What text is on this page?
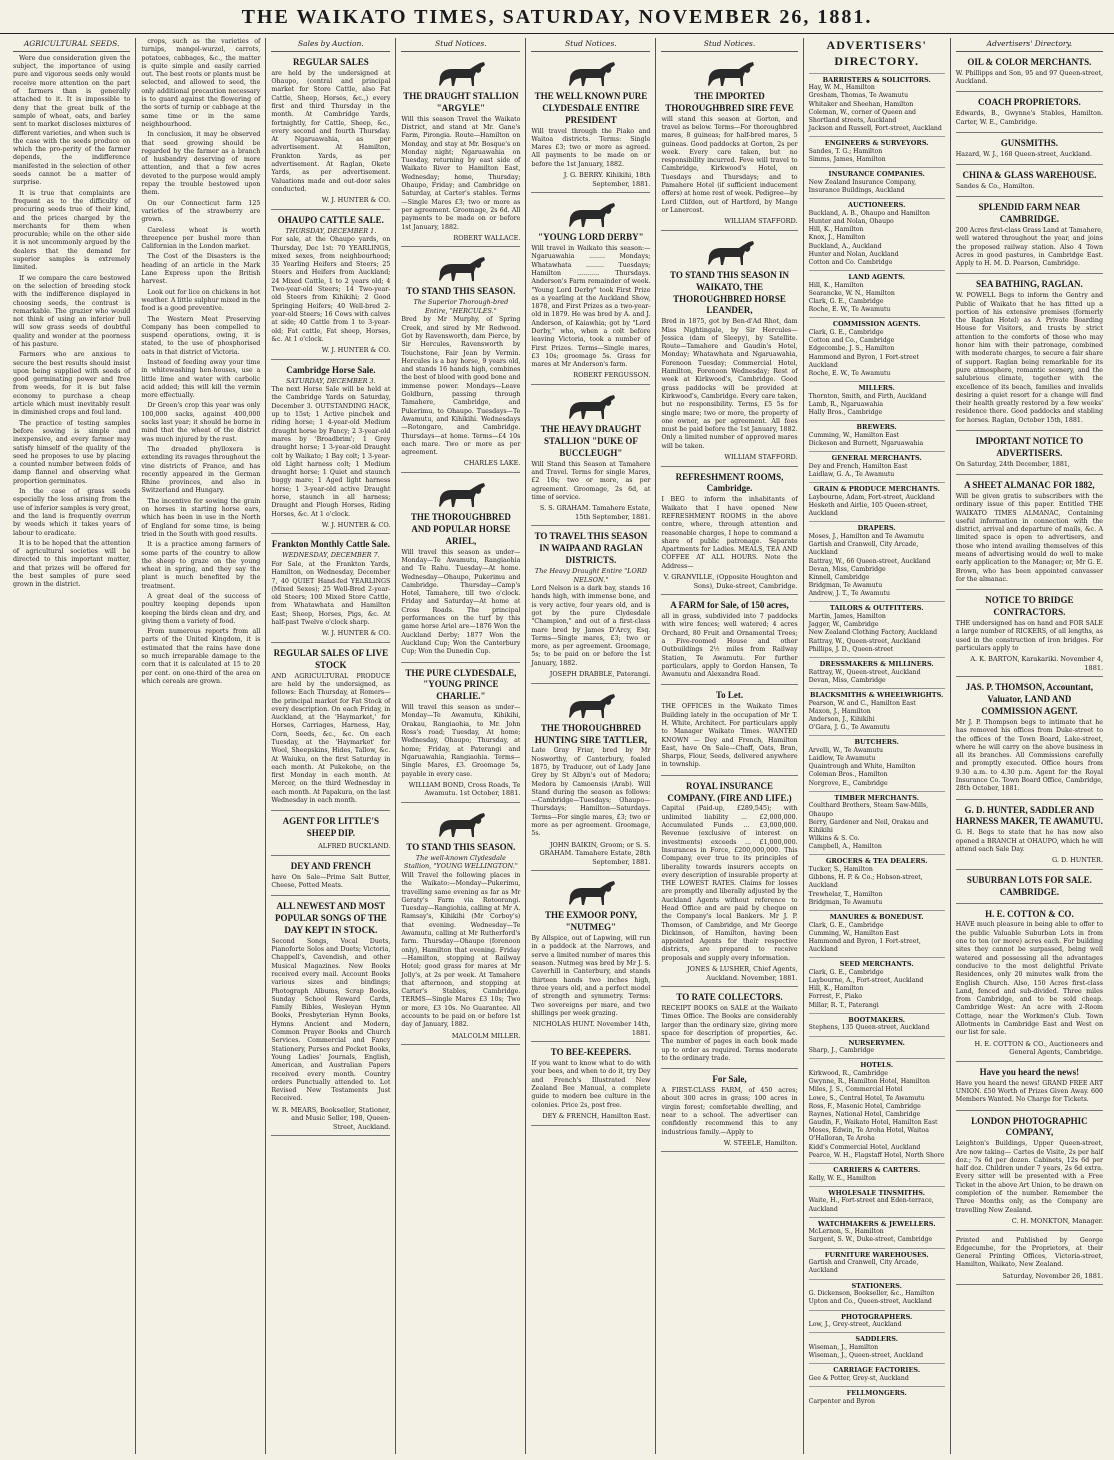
THE WAIKATO TIMES, SATURDAY, NOVEMBER 26, 1881.
AGRICULTURAL SEEDS.

Were due consideration given the subject, the importance of using pure and vigorous seeds only would receive more attention on the part of farmers than is generally attached to it. It is impossible to deny that the great bulk of the sample of wheat, oats, and barley sent to market discloses mixtures of different varieties, and when such is the case with the seeds produce on which the pro-perity of the farmer depends, the indifference manifested in the selection of other seeds cannot be a matter of surprise.

It is true that complaints are frequent as to the difficulty of procuring seeds true of their kind, and the prices charged by the merchants for them when procurable; while on the other side it is not uncommonly argued by the dealers that the demand for superior samples is extremely limited.

If we compare the care bestowed on the selection of breeding stock with the indifference displayed in choosing seeds, the contrast is remarkable. The grazier who would not think of using an inferior bull will sow grass seeds of doubtful quality and wonder at the poorness of his pasture.

Farmers who are anxious to secure the best results should insist upon being supplied with seeds of good germinating power and free from weeds, for it is but false economy to purchase a cheap article which must inevitably result in diminished crops and foul land.

The practice of testing samples before sowing is simple and inexpensive, and every farmer may satisfy himself of the quality of the seed he proposes to use by placing a counted number between folds of damp flannel and observing what proportion germinates.

In the case of grass seeds especially the loss arising from the use of inferior samples is very great, and the land is frequently overrun by weeds which it takes years of labour to eradicate.

It is to be hoped that the attention of agricultural societies will be directed to this important matter, and that prizes will be offered for the best samples of pure seed grown in the district.

crops, such as the varieties of turnips, mangel-wurzel, carrots, potatoes, cabbages, &c., the matter is quite simple and easily carried out. The best roots or plants must be selected, and allowed to seed, the only additional precaution necessary is to guard against the flowering of the sorts of turnip or cabbage at the same time or in the same neighbourhood.

In conclusion, it may be observed that seed growing should be regarded by the farmer as a branch of husbandry deserving of more attention, and that a few acres devoted to the purpose would amply repay the trouble bestowed upon them.

On our Connecticut farm 125 varieties of the strawberry are grown.

Careless wheat is worth threepence per bushel more than Californian in the London market.

The Cost of the Disasters is the heading of an article in the Mark Lane Express upon the British harvest.

Look out for lice on chickens in hot weather. A little sulphur mixed in the food is a good preventive.

The Western Meat Preserving Company has been compelled to suspend operations, owing, it is stated, to the use of phosphorised oats in that district of Victoria.

Instead of feeding away your time in whitewashing hen-houses, use a little lime and water with carbolic acid added; this will kill the vermin more effectually.

Dr Green's crop this year was only 100,000 sacks, against 400,000 sacks last year; it should be borne in mind that the wheat of the district was much injured by the rust.

The dreaded phylloxera is extending its ravages throughout the vine districts of France, and has recently appeared in the German Rhine provinces, and also in Switzerland and Hungary.

The incentive for sowing the grain on horses in starting horse ears, which has been in use in the North of England for some time, is being tried in the South with good results.

It is a practice among farmers of some parts of the country to allow the sheep to graze on the young wheat in spring, and they say the plant is much benefited by the treatment.

A great deal of the success of poultry keeping depends upon keeping the birds clean and dry, and giving them a variety of food.

From numerous reports from all parts of the United Kingdom, it is estimated that the rains have done so much irreparable damage to the corn that it is calculated at 15 to 20 per cent. on one-third of the area on which cereals are grown.

Sales by Auction.
REGULAR SALES

are held by the undersigned at Ohaupo, (central and principal market for Store Cattle, also Fat Cattle, Sheep, Horses, &c.,) every first and third Thursday in the month. At Cambridge Yards, fortnightly, for Cattle, Sheep, &c., every second and fourth Thursday. At Ngaruawahia, as per advertisement. At Hamilton, Frankton Yards, as per advertisement. At Raglan, Okete Yards, as per advertisement. Valuations made and out-door sales conducted.

W. J. HUNTER & CO.
OHAUPO CATTLE SALE.
THURSDAY, DECEMBER 1.

For sale, at the Ohaupo yards, on Thursday, Dec 1st: 70 YEARLINGS, mixed sexes, from neighbourhood; 35 Yearling Heifers and Steers; 25 Steers and Heifers from Auckland; 24 Mixed Cattle, 1 to 2 years old; 4 Two-year-old Steers; 14 Two-year-old Steers from Kihikihi; 2 Good Springing Heifers; 40 Well-bred 2-year-old Steers; 16 Cows with calves at side; 40 Cattle from 1 to 3-year-old; Fat cattle, Fat sheep, Horses, &c. At 1 o'clock.

W. J. HUNTER & CO.
Cambridge Horse Sale.
SATURDAY, DECEMBER 3.

The next Horse Sale will be held at the Cambridge Yards on Saturday, December 3. OUTSTANDING HACK, up to 15st; 1 Active pinchek and riding horse; 1 4-year-old Medium draught horse by Fancy; 2 3-year-old mares by 'Broadbrim'; 1 Grey draught horse; 1 3-year-old Draught colt by Waikato; 1 Bay colt; 1 3-year-old Light harness colt; 1 Medium draught horse; 1 Quiet and staunch buggy mare; 1 Aged light harness horse; 1 3-year-old active Draught horse, staunch in all harness; Draught and Plough Horses, Riding Horses, &c. At 1 o'clock.

W. J. HUNTER & CO.
Frankton Monthly Cattle Sale.
WEDNESDAY, DECEMBER 7.

For Sale, at the Frankton Yards, Hamilton, on Wednesday, December 7, 40 QUIET Hand-fed YEARLINGS (Mixed Sexes); 25 Well-Bred 2-year-old Steers; 100 Mixed Store Cattle, from Whatawhata and Hamilton East; Sheep, Horses, Pigs, &c. At half-past Twelve o'clock sharp.

W. J. HUNTER & CO.
REGULAR SALES OF LIVE STOCK

AND AGRICULTURAL PRODUCE are held by the undersigned, as follows: Each Thursday, at Romers—the principal market for Fat Stock of every description. On each Friday, in Auckland, at the 'Haymarket,' for Horses, Carriages, Harness, Hay, Corn, Seeds, &c., &c. On each Tuesday, at the 'Haymarket' for Wool, Sheepskins, Hides, Tallow, &c. At Waiuku, on the first Saturday in each month. At Pukekohe, on the first Monday in each month. At Mercer, on the third Wednesday in each month. At Papakura, on the last Wednesday in each month.

AGENT FOR LITTLE'S SHEEP DIP.
ALFRED BUCKLAND.
DEY AND FRENCH

have On Sale—Prime Salt Butter, Cheese, Potted Meats.

ALL NEWEST AND MOST POPULAR SONGS OF THE DAY KEPT IN STOCK.

Second Songs, Vocal Duets, Pianoforte Solos and Duets; Victoria, Chappell's, Cavendish, and other Musical Magazines. New Books received every mail. Account Books various sizes and bindings; Photograph Albums, Scrap Books, Sunday School Reward Cards, Family Bibles, Wesleyan Hymn Books, Presbyterian Hymn Books, Hymns Ancient and Modern, Common Prayer Books and Church Services. Commercial and Fancy Stationery, Purses and Pocket Books, Young Ladies' Journals, English, American, and Australian Papers received every month. Country orders Punctually attended to. Lot Revised New Testaments Just Received.

W. R. MEARS, Bookseller, Stationer, and Music Seller, 198, Queen-Street, Auckland.
Stud Notices.
THE DRAUGHT STALLION "ARGYLE"

Will this season Travel the Waikato District, and stand at Mr. Gane's Farm, Pirongia. Route—Hamilton on Monday, and stay at Mr. Bosque's on Monday night; Ngaruawahia on Tuesday, returning by east side of Waikato River to Hamilton East, Wednesday; home, Thursday; Ohaupo, Friday; and Cambridge on Saturday, at Carter's stables. Terms—Single Mares £3; two or more as per agreement. Groomage, 2s 6d. All payments to be made on or before 1st January, 1882.

ROBERT WALLACE.
TO STAND THIS SEASON.
The Superior Thorough-bred Entire, "HERCULES."

Bred by Mr Murphy, of Spring Creek, and sired by Mr Redwood. Got by Ravensworth, dam Pierce, by Sir Hercules, Ravensworth by Touchstone, Fair Jean by Vermin. Hercules is a bay horse, 9 years old, and stands 16 hands high, combines the best of blood with good bone and immense power. Mondays—Leave Goldburn, passing through Tamahere, Cambridge, and Pukerimu, to Ohaupo. Tuesdays—Te Awamutu, and Kihikihi. Wednesdays—Rotongaro, and Cambridge. Thursdays—at home. Terms—£4 10s each mare. Two or more as per agreement.

CHARLES LAKE.
THE THOROUGHBRED AND POPULAR HORSE ARIEL,

Will travel this season as under—Monday—Te Awamutu, Rangiaohia and Te Rahu. Tuesday—At home. Wednesday—Ohaupo, Pukerimu and Cambridge. Thursday—Camp's Hotel, Tamahere, till two o'clock. Friday and Saturday—At home at Cross Roads. The principal performances on the turf by this game horse Ariel are—1876 Won the Auckland Derby; 1877 Won the Auckland Cup; Won the Canterbury Cup; Won the Dunedin Cup.

THE PURE CLYDESDALE, "YOUNG PRINCE CHARLIE."

Will travel this season as under—Monday—Te Awamutu, Kihikihi, Orakau, Rangiaohia, to Mr. John Ross's road; Tuesday, At home; Wednesday, Ohaupo; Thursday, at home; Friday, at Paterangi and Ngaruawahia, Rangiaohia. Terms—Single Mares, £3. Groomage 5s, payable in every case.

WILLIAM BOND, Cross Roads, Te Awamutu. 1st October, 1881.
TO STAND THIS SEASON.
The well-known Clydesdale Stallion, "YOUNG WELLINGTON."

Will Travel the following places in the Waikato:—Monday—Pukerimu, travelling same evening as far as Mr Geraty's Farm via Rotoorangi. Tuesday—Rangiohia, calling at Mr A. Ramsay's, Kihikihi (Mr Corboy's) that evening. Wednesday—Te Awamutu, calling at Mr Rutherford's farm. Thursday—Ohaupo (forenoon only), Hamilton that evening. Friday—Hamilton, stopping at Railway Hotel; good grass for mares at Mr Jolly's, at 2s per week. At Tamahere that afternoon, and stopping at Carter's Stables, Cambridge. TERMS—Single Mares £3 10s; Two or more, £3 10s. No Guarantee. All accounts to be paid on or before 1st day of January, 1882.

MALCOLM MILLER.
Stud Notices.
THE WELL KNOWN PURE CLYDESDALE ENTIRE PRESIDENT

Will travel through the Piako and Waitoa districts. Terms: Single Mares £3; two or more as agreed. All payments to be made on or before the 1st January, 1882.

J. G. BERRY. Kihikihi, 18th September, 1881.
"YOUNG LORD DERBY"

Will travel in Waikato this season:— Ngaruawahia ........ Mondays; Whatawhata ......... Tuesdays; Hamilton ........... Thursdays. Anderson's Farm remainder of week. "Young Lord Derby" took First Prize as a yearling at the Auckland Show, 1878, and First Prizes as a two-year-old in 1879. He was bred by A. and J. Anderson, of Kaiawhia; got by "Lord Derby," who, when a colt before leaving Victoria, took a number of First Prizes. Terms—Single mares, £3 10s; groomage 5s. Grass for mares at Mr Anderson's farm.

ROBERT FERGUSSON.
THE HEAVY DRAUGHT STALLION "DUKE OF BUCCLEUGH"

Will Stand this Season at Tamahere and Travel. Terms for single Mares, £2 10s; two or more, as per agreement. Groomage, 2s 6d, at time of service.

S. S. GRAHAM. Tamahere Estate, 15th September, 1881.
TO TRAVEL THIS SEASON IN WAIPA AND RAGLAN DISTRICTS.
The Heavy Draught Entire "LORD NELSON."

Lord Nelson is a dark bay, stands 16 hands high, with immense bone, and is very active, four years old, and is got by the pure Clydesdale "Champion," and out of a first-class mare bred by James D'Arcy, Esq. Terms—Single mares, £3; two or more, as per agreement. Groomage, 5s; to be paid on or before the 1st January, 1882.

JOSEPH DRABBLE, Paterangi.
THE THOROUGHBRED HUNTING SIRE TATTLER,

Late Gray Friar, bred by Mr Nosworthy, of Canterbury, foaled 1875, by Traducer, out of Lady Jane Grey by St Albyn's out of Medora; Medora by Camoensis (Arab). Will Stand during the season as follows:—Cambridge—Tuesdays; Ohaupo—Thursdays; Hamilton—Saturdays. Terms—For single mares, £3; two or more as per agreement. Groomage, 5s.

JOHN BAIKIN, Groom; or S. S. GRAHAM. Tamahere Estate, 28th September, 1881.
THE EXMOOR PONY, "NUTMEG"

By Allspice, out of Lapwing, will run in a paddock at the Narrows, and serve a limited number of mares this season. Nutmeg was bred by Mr J. S. Caverhill in Canterbury, and stands thirteen hands two inches high, three years old, and a perfect model of strength and symmetry. Terms: Two sovereigns per mare, and two shillings per week grazing.

NICHOLAS HUNT. November 14th, 1881.
TO BEE-KEEPERS.

If you want to know what to do with your bees, and when to do it, try Dey and French's Illustrated New Zealand Bee Manual, a complete guide to modern bee culture in the colonies. Price 2s, post free.

DEY & FRENCH, Hamilton East.
Stud Notices.
THE IMPORTED THOROUGHBRED SIRE FEVE

will stand this season at Gorton, and travel as below. Terms—For thoroughbred mares, 8 guineas; for half-bred mares, 5 guineas. Good paddocks at Gorton, 2s per week. Every care taken, but no responsibility incurred. Feve will travel to Cambridge, Kirkwood's Hotel, on Tuesdays and Thursdays; and to Pamahere Hotel (if sufficient inducement offers) at home rest of week. Pedigree—by Lord Clifden, out of Hartford, by Mango or Lanercost.

WILLIAM STAFFORD.
TO STAND THIS SEASON IN WAIKATO, THE THOROUGHBRED HORSE LEANDER,

Bred in 1875, got by Ben-d'Ad Rhot, dam Miss Nightingale, by Sir Hercules—Jessica (dam of Sleepy), by Satellite. Route—Tamahere and Gaudin's Hotel, Monday; Whatawhata and Ngaruawahia, Forenoon Tuesday; Commercial Hotel, Hamilton, Forenoon Wednesday; Rest of week at Kirkwood's, Cambridge. Good grass paddocks will be provided at Kirkwood's, Cambridge. Every care taken, but no responsibility. Terms, £5 5s for single mare; two or more, the property of one owner, as per agreement. All fees must be paid before the 1st January, 1882. Only a limited number of approved mares will be taken.

WILLIAM STAFFORD.
REFRESHMENT ROOMS, Cambridge.

I BEG to inform the inhabitants of Waikato that I have opened New REFRESHMENT ROOMS in the above centre, where, through attention and reasonable charges, I hope to command a share of public patronage. Separate Apartments for Ladies. MEALS, TEA AND COFFEE AT ALL HOURS. Note the Address—

V. GRANVILLE, (Opposite Houghton and Sons), Duke-street, Cambridge.
A FARM for Sale, of 150 acres,

all in grass, subdivided into 7 paddocks with wire fences; well watered; 4 acres Orchard, 80 Fruit and Ornamental Trees; a Five-roomed House and other Outbuildings 2½ miles from Railway Station, Te Awamutu. For further particulars, apply to Gordon Hansen, Te Awamutu and Alexandra Road.

To Let.

THE OFFICES in the Waikato Times Building lately in the occupation of Mr T. H. White, Architect. For particulars apply to Manager Waikato Times. WANTED KNOWN — Dey and French, Hamilton East, have On Sale—Chaff, Oats, Bran, Sharps, Flour, Seeds, delivered anywhere in township.

ROYAL INSURANCE COMPANY. (FIRE AND LIFE.)

Capital (Paid-up, £289,545); with unlimited liability ... £2,000,000. Accumulated Funds ... £3,000,000. Revenue (exclusive of interest on investments) exceeds ... £1,000,000. Insurances in Force, £200,000,000. This Company, ever true to its principles of liberality towards insurers accepts on every description of insurable property at THE LOWEST RATES. Claims for losses are promptly and liberally adjusted by the Auckland Agents without reference to Head Office and are paid by cheque on the Company's local Bankers. Mr J. P. Thomson, of Cambridge, and Mr George Dickinson, of Hamilton, having been appointed Agents for their respective districts, are prepared to receive proposals and supply every information.

JONES & LUSHER, Chief Agents, Auckland. November, 1881.
TO RATE COLLECTORS.

RECEIPT BOOKS on SALE at the Waikato Times Office. The Books are considerably larger than the ordinary size, giving more space for description of properties, &c. The number of pages in each book made up to order as required. Terms moderate to the ordinary trade.

For Sale,

A FIRST-CLASS FARM, of 450 acres; about 300 acres in grass; 100 acres in virgin forest; comfortable dwelling, and near to a school. The advertiser can confidently recommend this to any industrious family.—Apply to

W. STEELE, Hamilton.
ADVERTISERS' DIRECTORY.
BARRISTERS & SOLICITORS.
Hay, W. M., Hamilton
Gresham, Thomas, Te Awamutu
Whitaker and Sheehan, Hamilton
Coleman, W., corner of Queen and Shortland streets, Auckland
Jackson and Russell, Fort-street, Auckland
ENGINEERS & SURVEYORS.
Sandes, T. G.; Hamilton
Simms, James, Hamilton
INSURANCE COMPANIES.
New Zealand Insurance Company, Insurance Buildings, Auckland
AUCTIONEERS.
Buckland, A. B., Ohaupo and Hamilton
Hunter and Nolan, Ohaupo
Hill, K., Hamilton
Knox, J., Hamilton
Buckland, A., Auckland
Hunter and Nolan, Auckland
Cotton and Co. Cambridge
LAND AGENTS.
Hill, K., Hamilton
Searancke, W. N., Hamilton
Clark, G. E., Cambridge
Roche, E. W., Te Awamutu
COMMISSION AGENTS.
Clark, G. E., Cambridge
Cotton and Co., Cambridge
Edgecombe, J. S., Hamilton
Hammond and Byron, 1 Fort-street Auckland
Roche, E. W., Te Awamutu
MILLERS.
Thornton, Smith, and Firth, Auckland
Lamb, R., Ngaruawahia
Hally Bros., Cambridge
BREWERS.
Cumming, W., Hamilton East
Dickeson and Burnett, Ngaruawahia
GENERAL MERCHANTS.
Dey and French, Hamilton East
Laidlaw, G. A., Te Awamutu
GRAIN & PRODUCE MERCHANTS.
Laybourne, Adam, Fort-street, Auckland
Hesketh and Airlie, 105 Queen-street, Auckland
DRAPERS.
Moses, J., Hamilton and Te Awamutu
Gartish and Cranwell, City Arcade, Auckland
Rattray, W., 66 Queen-street, Auckland
Devan, Miss, Cambridge
Kinnell, Cambridge
Bridgman, Te Awamutu
Andrew, J. T., Te Awamutu
TAILORS & OUTFITTERS.
Martin, James, Hamilton
Jagger, W., Cambridge
New Zealand Clothing Factory, Auckland
Rattray, W., Queen-street, Auckland
Phillips, J. D., Queen-street
DRESSMAKERS & MILLINERS.
Rattray, W., Queen-street, Auckland
Devan, Miss, Cambridge
BLACKSMITHS & WHEELWRIGHTS.
Pearson, W. and C., Hamilton East
Maxon, J., Hamilton
Anderson, J., Kihikihi
O'Gara, J. G., Te Awamutu
BUTCHERS.
Arvelli, W., Te Awamutu
Laidlow, Te Awamutu
Quaintrough and White, Hamilton
Coleman Bros., Hamilton
Norgrove, E., Cambridge
TIMBER MERCHANTS.
Coulthard Brothers, Steam Saw-Mills, Ohaupo
Berry, Gardener and Neil, Orakau and Kihikihi
Wilkins & S. Co.
Campbell, A., Hamilton
GROCERS & TEA DEALERS.
Tucker, S., Hamilton
Gibbons, H. P. & Co.; Hobson-street, Auckland
Trewhelar, T., Hamilton
Bridgman, Te Awamutu
MANURES & BONEDUST.
Clark, G. E., Cambridge
Cumming, W., Hamilton East
Hammond and Byron, 1 Fort-street, Auckland
SEED MERCHANTS.
Clark, G. E., Cambridge
Laybourne, A., Fort-street, Auckland
Hill, K., Hamilton
Forrest, F., Piako
Millar, R. T., Paterangi
BOOTMAKERS.
Stephens, 135 Queen-street, Auckland
NURSERYMEN.
Sharp, J., Cambridge
HOTELS.
Kirkwood, R., Cambridge
Gwynne, R., Hamilton Hotel, Hamilton
Miles, J. S., Commercial Hotel
Lowe, S., Central Hotel, Te Awamutu
Ross, F., Masonic Hotel, Cambridge
Raynes, National Hotel, Cambridge
Gaudin, F., Waikato Hotel, Hamilton East
Moses, Edwin, Te Aroha Hotel, Waitoa
O'Halloran, Te Aroha
Kidd's Commercial Hotel, Auckland
Pearce, W. H., Flagstaff Hotel, North Shore
CARRIERS & CARTERS.
Kelly, W. E., Hamilton
WHOLESALE TINSMITHS.
Waite, H., Fort-street and Eden-terrace, Auckland
WATCHMAKERS & JEWELLERS.
McLernon, S., Hamilton
Sargent, S. W., Duke-street, Cambridge
FURNITURE WAREHOUSES.
Gartish and Cranwell, City Arcade, Auckland
STATIONERS.
G. Dickenson, Bookseller, &c., Hamilton
Upton and Co., Queen-street, Auckland
PHOTOGRAPHERS.
Low, J., Grey-street, Auckland
SADDLERS.
Wiseman, J., Hamilton
Wiseman, J., Queen-street, Auckland
CARRIAGE FACTORIES.
Gee & Potter, Grey-st, Auckland
FELLMONGERS.
Carpenter and Byron
Advertisers' Directory.
OIL & COLOR MERCHANTS.

W. Phillipps and Son, 95 and 97 Queen-street, Auckland.

COACH PROPRIETORS.

Edwards, B., Gwynne's Stables, Hamilton. Carter, W. E., Cambridge.

GUNSMITHS.

Hazard, W. J., 168 Queen-street, Auckland.

CHINA & GLASS WAREHOUSE.

Sandes & Co., Hamilton.

SPLENDID FARM NEAR CAMBRIDGE.

200 Acres first-class Grass Land at Tamahere, well watered throughout the year, and joins the proposed railway station. Also 4 Town Acres in good pastures, in Cambridge East. Apply to H. M. D. Pearson, Cambridge.

SEA BATHING, RAGLAN.

W. POWELL Begs to inform the Gentry and Public of Waikato that he has fitted up a portion of his extensive premises (formerly the Raglan Hotel) as A Private Boarding House for Visitors, and trusts by strict attention to the comforts of those who may honor him with their patronage, combined with moderate charges, to secure a fair share of support. Raglan being remarkable for its pure atmosphere, romantic scenery, and the salubrious climate, together with the excellence of its beach, families and invalids desiring a quiet resort for a change will find their health greatly restored by a few weeks' residence there. Good paddocks and stabling for horses. Raglan, October 15th, 1881.

IMPORTANT NOTICE TO ADVERTISERS.

On Saturday, 24th December, 1881,

A SHEET ALMANAC FOR 1882,

Will be given gratis to subscribers with the ordinary issue of this paper. Entitled THE WAIKATO TIMES ALMANAC, Containing useful information in connection with the district, arrival and departure of mails, &c. A limited space is open to advertisers, and those who intend availing themselves of this means of advertising would do well to make early application to the Manager; or, Mr G. E. Brown, who has been appointed canvasser for the almanac.

NOTICE TO BRIDGE CONTRACTORS.

THE undersigned has on hand and FOR SALE a large number of RICKERS, of all lengths, as used in the construction of iron bridges. For particulars apply to

A. K. BARTON, Karakariki. November 4, 1881.
JAS. P. THOMSON, Accountant, Valuator, LAND AND COMMISSION AGENT.

Mr J. P. Thompson begs to intimate that he has removed his offices from Duke-street to the offices of the Town Board, Lake-street, where he will carry on the above business in all its branches. All Commissions carefully and promptly executed. Office hours from 9.30 a.m. to 4.30 p.m. Agent for the Royal Insurance Co. Town Board Office, Cambridge, 28th October, 1881.

G. D. HUNTER, SADDLER AND HARNESS MAKER, TE AWAMUTU.

G. H. Begs to state that he has now also opened a BRANCH at OHAUPO, which he will attend each Sale Day.

G. D. HUNTER.
SUBURBAN LOTS FOR SALE. CAMBRIDGE.
H. E. COTTON & CO.

HAVE much pleasure in being able to offer to the public Valuable Suburban Lots in from one to ten (or more) acres each. For building sites they cannot be surpassed, being well watered and possessing all the advantages conducive to the most delightful Private Residences, only 20 minutes walk from the English Church. Also, 150 Acres first-class Land, fenced and sub-divided. Three miles from Cambridge, and to be sold cheap. Cambridge West: An acre with 2-Room Cottage, near the Workmen's Club. Town Allotments in Cambridge East and West on our list for sale.

H. E. COTTON & CO., Auctioneers and General Agents, Cambridge.
Have you heard the news!

Have you heard the news! GRAND FREE ART UNION. £50 Worth of Prizes Given Away. 600 Members Wanted. No Charge for Tickets.

LONDON PHOTOGRAPHIC COMPANY,

Leighton's Buildings, Upper Queen-street, Are now taking— Cartes de Visite, 2s per half doz.; 7s 6d per dozen. Cabinets, 12s 6d per half doz. Children under 7 years, 2s 6d extra. Every sitter will be presented with a Free Ticket in the above Art Union, to be drawn on completion of the number. Remember the Three Months only, as the Company are travelling New Zealand.

C. H. MONKTON, Manager.

Printed and Published by George Edgecumbe, for the Proprietors, at their General Printing Offices, Victoria-street, Hamilton, Waikato, New Zealand.

Saturday, November 26, 1881.
